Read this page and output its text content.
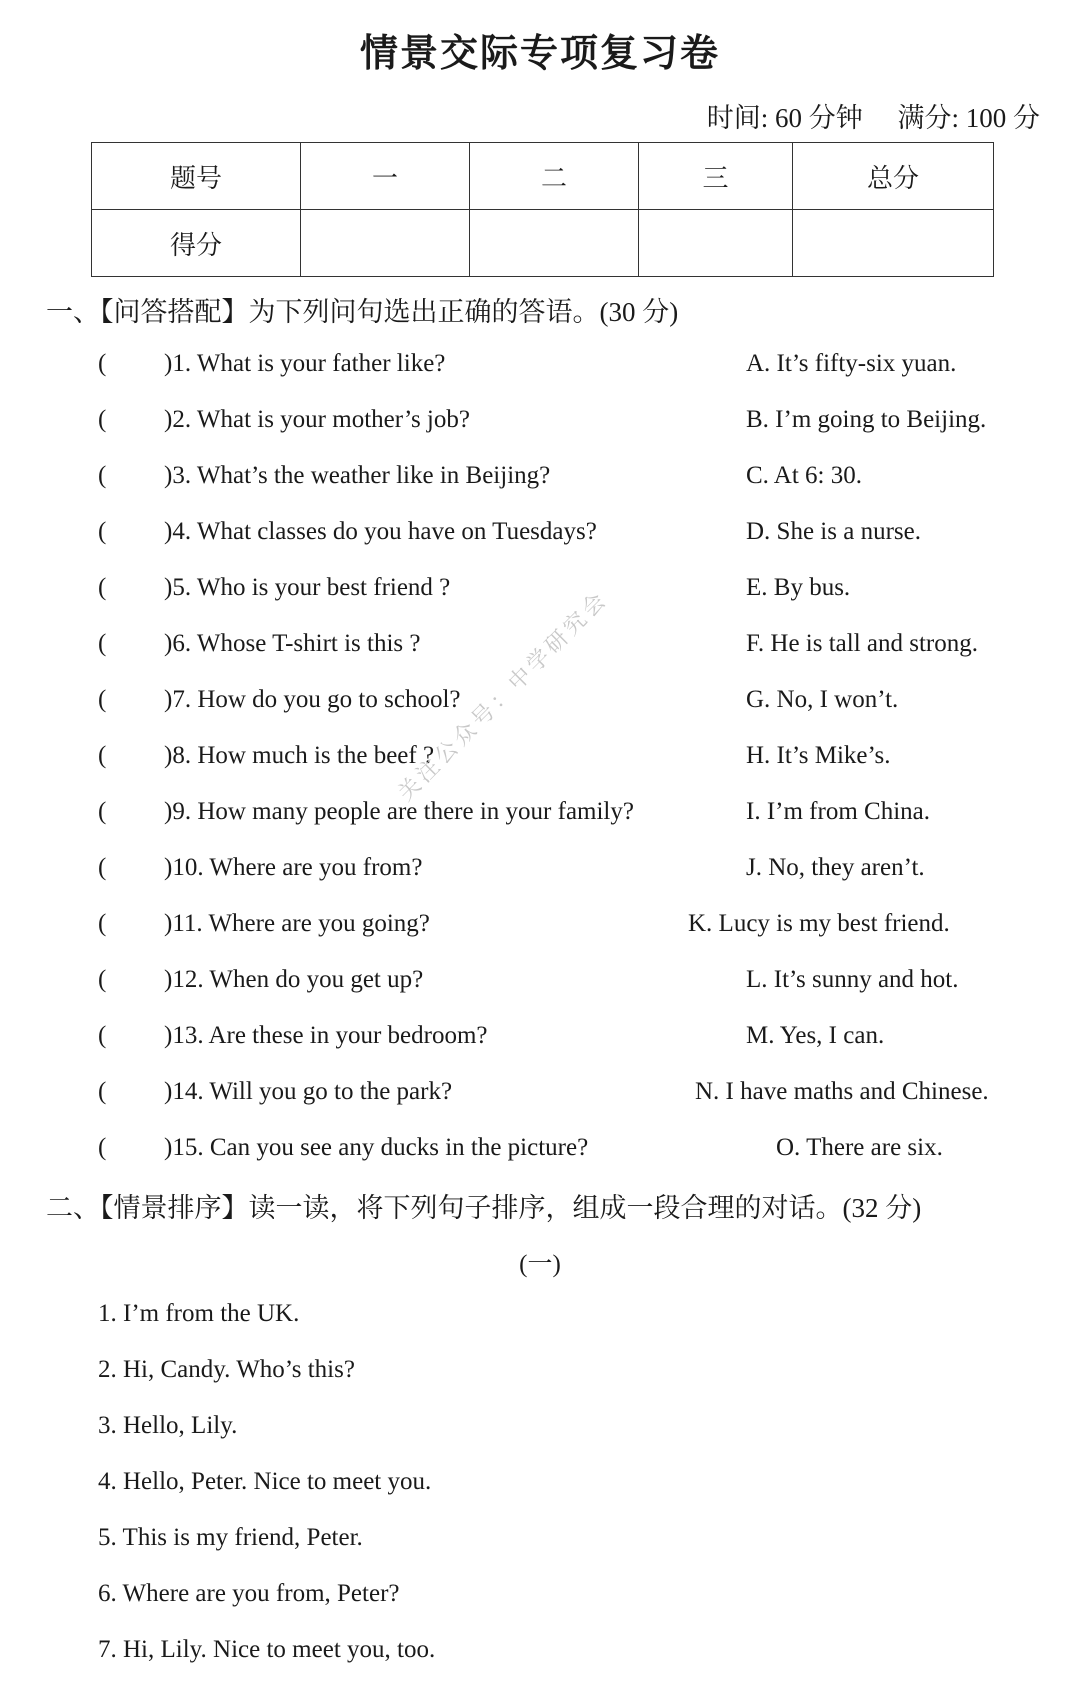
情景交际专项复习卷
时间: 60 分钟 满分: 100 分
题号	一	二	三	总分
得分				
一、【问答搭配】为下列问句选出正确的答语。(30 分)
( )1. What is your father like?
( )2. What is your mother’s job?
( )3. What’s the weather like in Beijing?
( )4. What classes do you have on Tuesdays?
( )5. Who is your best friend ?
( )6. Whose T-shirt is this ?
( )7. How do you go to school?
( )8. How much is the beef ?
( )9. How many people are there in your family?
( )10. Where are you from?
( )11. Where are you going?
( )12. When do you get up?
( )13. Are these in your bedroom?
( )14. Will you go to the park?
( )15. Can you see any ducks in the picture?
A. It’s fifty-six yuan.
B. I’m going to Beijing.
C. At 6: 30.
D. She is a nurse.
E. By bus.
F. He is tall and strong.
G. No, I won’t.
H. It’s Mike’s.
I. I’m from China.
J. No, they aren’t.
K. Lucy is my best friend.
L. It’s sunny and hot.
M. Yes, I can.
N. I have maths and Chinese.
O. There are six.
二、【情景排序】读一读，将下列句子排序，组成一段合理的对话。(32 分)
(一)
1. I’m from the UK.
2. Hi, Candy. Who’s this?
3. Hello, Lily.
4. Hello, Peter. Nice to meet you.
5. This is my friend, Peter.
6. Where are you from, Peter?
7. Hi, Lily. Nice to meet you, too.
关注公众号：中学研究会
